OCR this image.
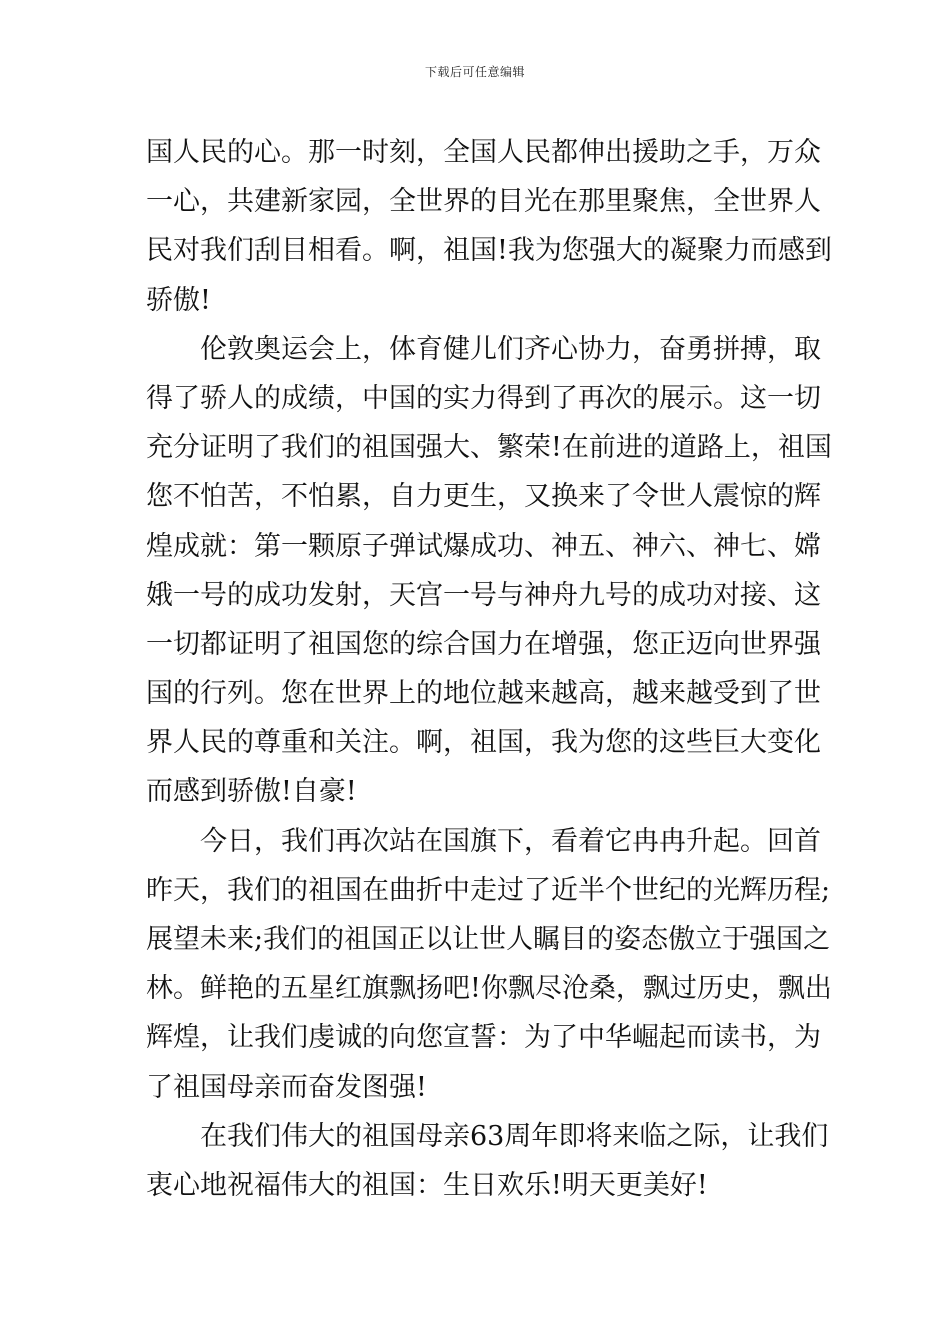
下载后可任意编辑
国人民的心。那一时刻，全国人民都伸出援助之手，万众
一心，共建新家园，全世界的目光在那里聚焦，全世界人
民对我们刮目相看。啊，祖国!我为您强大的凝聚力而感到
骄傲!
伦敦奥运会上，体育健儿们齐心协力，奋勇拼搏，取
得了骄人的成绩，中国的实力得到了再次的展示。这一切
充分证明了我们的祖国强大、繁荣!在前进的道路上，祖国
您不怕苦，不怕累，自力更生，又换来了令世人震惊的辉
煌成就：第一颗原子弹试爆成功、神五、神六、神七、嫦
娥一号的成功发射，天宫一号与神舟九号的成功对接、这
一切都证明了祖国您的综合国力在增强，您正迈向世界强
国的行列。您在世界上的地位越来越高，越来越受到了世
界人民的尊重和关注。啊，祖国，我为您的这些巨大变化
而感到骄傲!自豪!
今日，我们再次站在国旗下，看着它冉冉升起。回首
昨天，我们的祖国在曲折中走过了近半个世纪的光辉历程;
展望未来;我们的祖国正以让世人瞩目的姿态傲立于强国之
林。鲜艳的五星红旗飘扬吧!你飘尽沧桑，飘过历史，飘出
辉煌，让我们虔诚的向您宣誓：为了中华崛起而读书，为
了祖国母亲而奋发图强!
在我们伟大的祖国母亲63周年即将来临之际，让我们
衷心地祝福伟大的祖国：生日欢乐!明天更美好!
